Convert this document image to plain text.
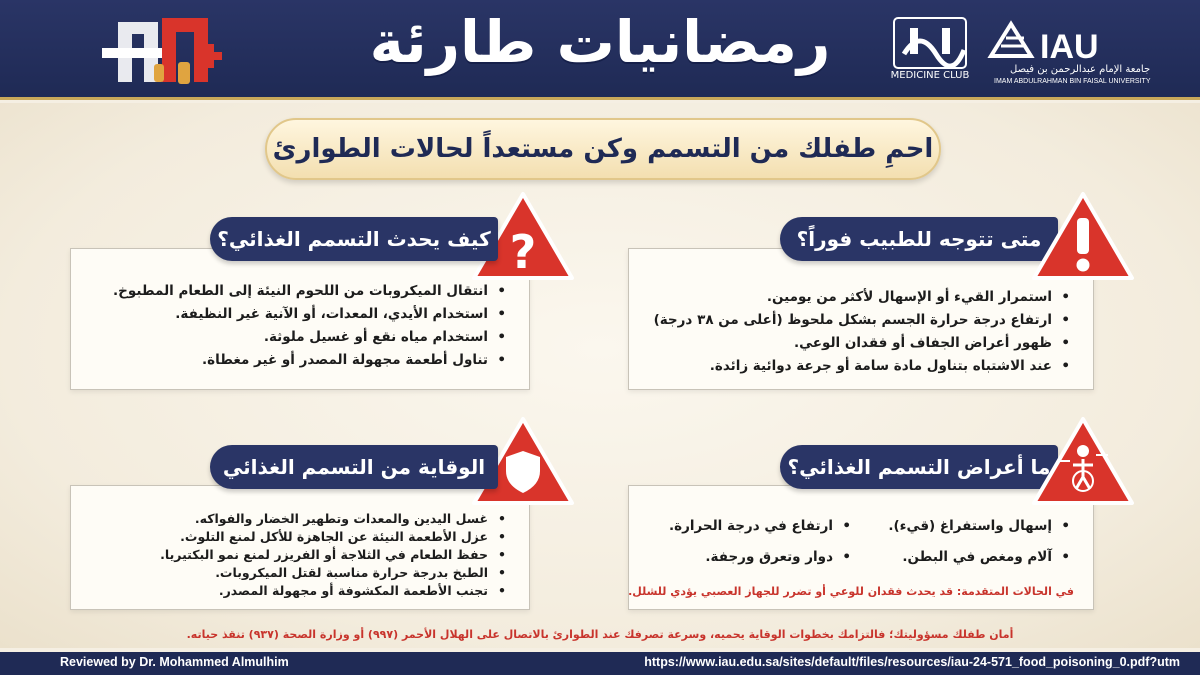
رمضانيات طارئة	MEDICINE CLUB
IAU
جامعة الإمام عبدالرحمن بن فيصل
IMAM ABDULRAHMAN BIN FAISAL UNIVERSITY
احمِ طفلك من التسمم وكن مستعداً لحالات الطوارئ
متى تتوجه للطبيب فوراً؟
• استمرار القيء أو الإسهال لأكثر من يومين.
• ارتفاع درجة حرارة الجسم بشكل ملحوظ (أعلى من ٣٨ درجة)
• ظهور أعراض الجفاف أو فقدان الوعي.
• عند الاشتباه بتناول مادة سامة أو جرعة دوائية زائدة.
?
كيف يحدث التسمم الغذائي؟
• انتقال الميكروبات من اللحوم النيئة إلى الطعام المطبوخ.
• استخدام الأيدي، المعدات، أو الآنية غير النظيفة.
• استخدام مياه نقع أو غسيل ملوثة.
• تناول أطعمة مجهولة المصدر أو غير مغطاة.
ما أعراض التسمم الغذائي؟
• إسهال واستفراغ (قيء).
• آلام ومغص في البطن.
• ارتفاع في درجة الحرارة.
• دوار وتعرق ورجفة.
في الحالات المتقدمة: قد يحدث فقدان للوعي أو تضرر للجهاز العصبي يؤدي للشلل.
الوقاية من التسمم الغذائي
• غسل اليدين والمعدات وتطهير الخضار والفواكه.
• عزل الأطعمة النيئة عن الجاهزة للأكل لمنع التلوث.
• حفظ الطعام في الثلاجة أو الفريزر لمنع نمو البكتيريا.
• الطبخ بدرجة حرارة مناسبة لقتل الميكروبات.
• تجنب الأطعمة المكشوفة أو مجهولة المصدر.
أمان طفلك مسؤوليتك؛ فالتزامك بخطوات الوقاية يحميه، وسرعة تصرفك عند الطوارئ بالاتصال على الهلال الأحمر (٩٩٧) أو وزارة الصحة (٩٣٧) تنقذ حياته.
Reviewed by Dr. Mohammed Almulhim	https://www.iau.edu.sa/sites/default/files/resources/iau-24-571_food_poisoning_0.pdf?utm
